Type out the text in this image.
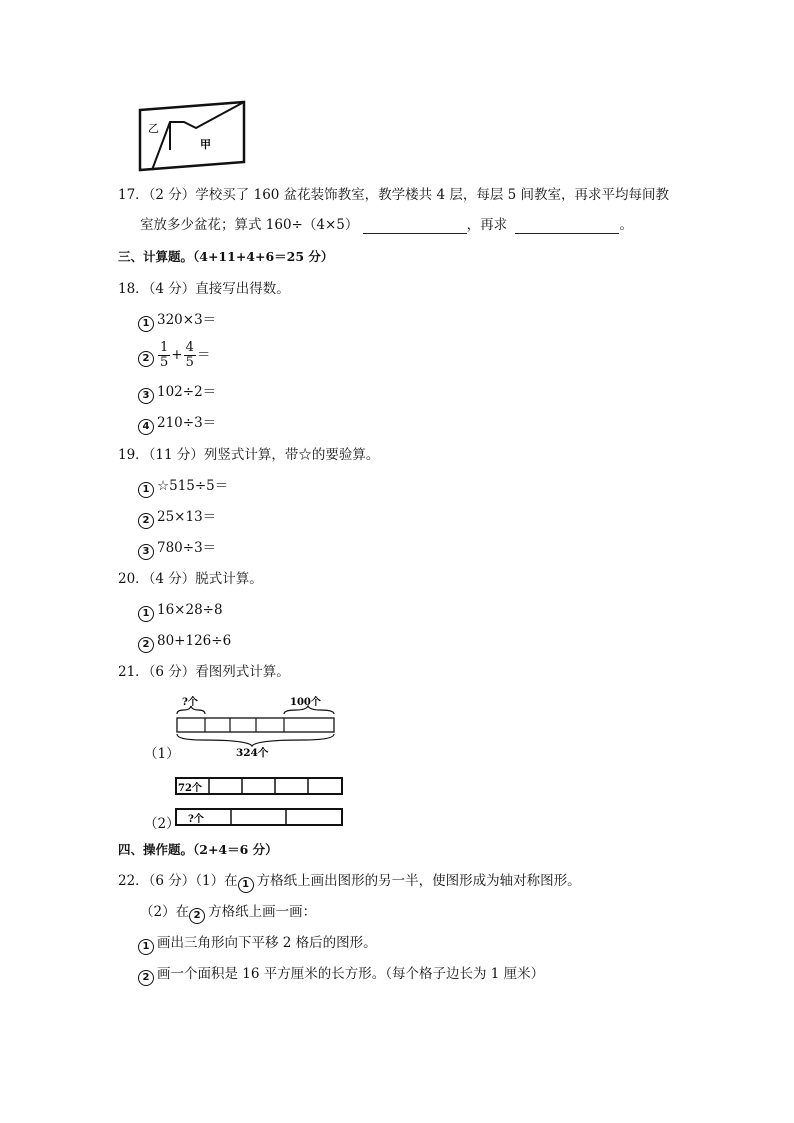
乙
甲
17．（2 分）学校买了 160 盆花装饰教室，教学楼共 4 层，每层 5 间教室，再求平均每间教
室放多少盆花；算式 160÷（4×5）	，再求	。
三、计算题。（4+11+4+6＝25 分）
18．（4 分）直接写出得数。
1 320×3＝
$2 \frac{1}{5} + \frac{4}{5}$ ＝
3 102÷2＝
4 210÷3＝
19．（11 分）列竖式计算，带☆的要验算。
1 ☆515÷5＝
2 25×13＝
3 780÷3＝
20．（4 分）脱式计算。
1 16×28÷8
2 80+126÷6
21．（6 分）看图列式计算。
（1）
?个	100个
324个
72个
?个
（2）
四、操作题。（2+4＝6 分）
22．（6 分）（1）在 1 方格纸上画出图形的另一半，使图形成为轴对称图形。
（2）在 2 方格纸上画一画：
1 画出三角形向下平移 2 格后的图形。
2 画一个面积是 16 平方厘米的长方形。（每个格子边长为 1 厘米）
